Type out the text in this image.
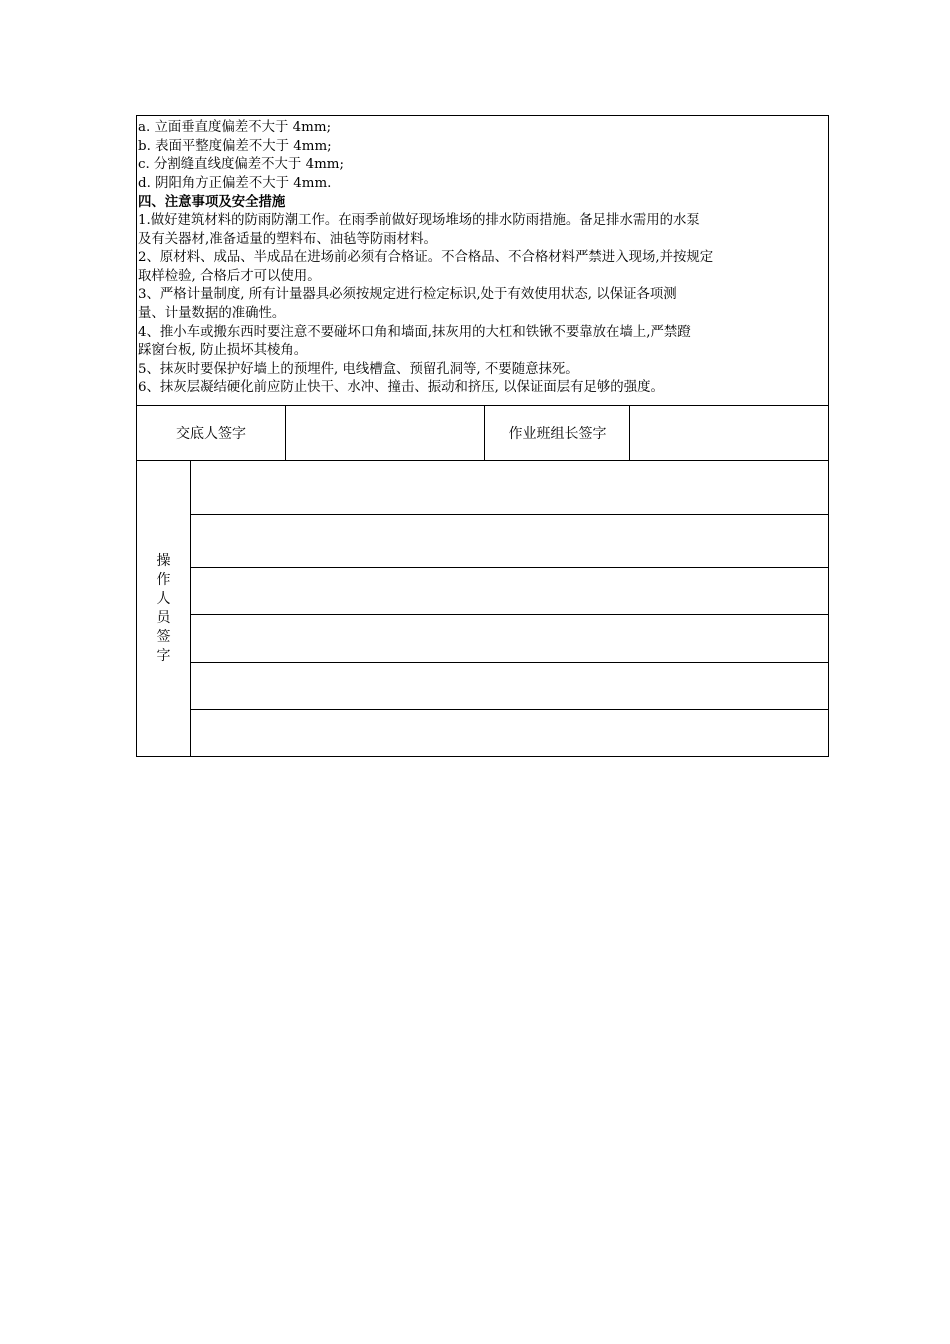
a. 立面垂直度偏差不大于 4mm;
b. 表面平整度偏差不大于 4mm;
c. 分割缝直线度偏差不大于 4mm;
d. 阴阳角方正偏差不大于 4mm.
四、注意事项及安全措施
1.做好建筑材料的防雨防潮工作。在雨季前做好现场堆场的排水防雨措施。备足排水需用的水泵
及有关器材,准备适量的塑料布、油毡等防雨材料。
2、原材料、成品、半成品在进场前必须有合格证。不合格品、不合格材料严禁进入现场,并按规定
取样检验, 合格后才可以使用。
3、严格计量制度, 所有计量器具必须按规定进行检定标识,处于有效使用状态, 以保证各项测
量、计量数据的准确性。
4、推小车或搬东西时要注意不要碰坏口角和墙面,抹灰用的大杠和铁锹不要靠放在墙上,严禁蹬
踩窗台板, 防止损坏其棱角。
5、抹灰时要保护好墙上的预埋件, 电线槽盒、预留孔洞等, 不要随意抹死。
6、抹灰层凝结硬化前应防止快干、水冲、撞击、振动和挤压, 以保证面层有足够的强度。
交底人签字	作业班组长签字
操
作
人
员
签
字
